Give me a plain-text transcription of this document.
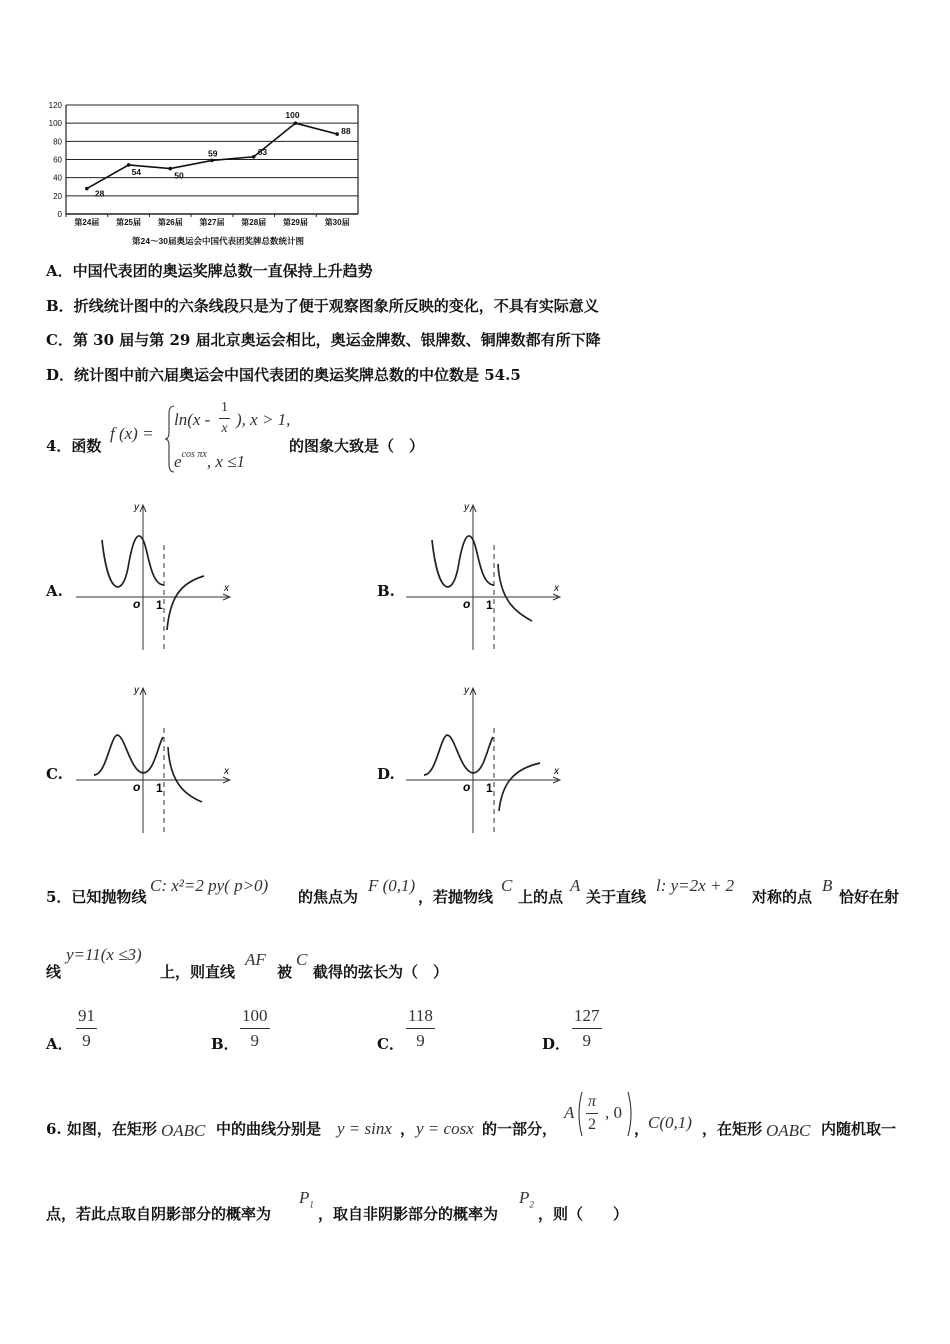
0
20
40
60
80
100
120
第24届 第25届 第26届 第27届 第28届 第29届 第30届
28
54	50
59	63
100
88
第24～30届奥运会中国代表团奖牌总数统计图
A．中国代表团的奥运奖牌总数一直保持上升趋势
B．折线统计图中的六条线段只是为了便于观察图象所反映的变化，不具有实际意义
C．第 30 届与第 29 届北京奥运会相比，奥运金牌数、银牌数、铜牌数都有所下降
D．统计图中前六届奥运会中国代表团的奥运奖牌总数的中位数是 54.5
4．函数
f (x) =
$\ln(x - \frac{1}{x}$ ), x > 1,
$e^{cos \pi x}$, x ≤1
的图象大致是（　）
A.
y
x
o 1
B.
y
x
o 1
C.
y
x
o 1
D.
y
x
o 1
5．已知抛物线
C: x²=2 py( p>0)
的焦点为
F (0,1)
，若抛物线
C
上的点
A
关于直线
l: y=2x + 2
对称的点
B
恰好在射
线
y=11(x ≤3)
上，则直线
AF
被
C
截得的弦长为（　）
A． $\frac{91}{9}$	B． $\frac{100}{9}$	C． $\frac{118}{9}$	D． $\frac{127}{9}$
6. 如图，在矩形 OABC 中的曲线分别是 y = sinx ， y = cosx 的一部分，
A $\frac{\pi}{2}$ , 0
，
C(0,1) ，在矩形 OABC 内随机取一
点，若此点取自阴影部分的概率为
$P_1$
，取自非阴影部分的概率为
$P_2$
，则（　　）
